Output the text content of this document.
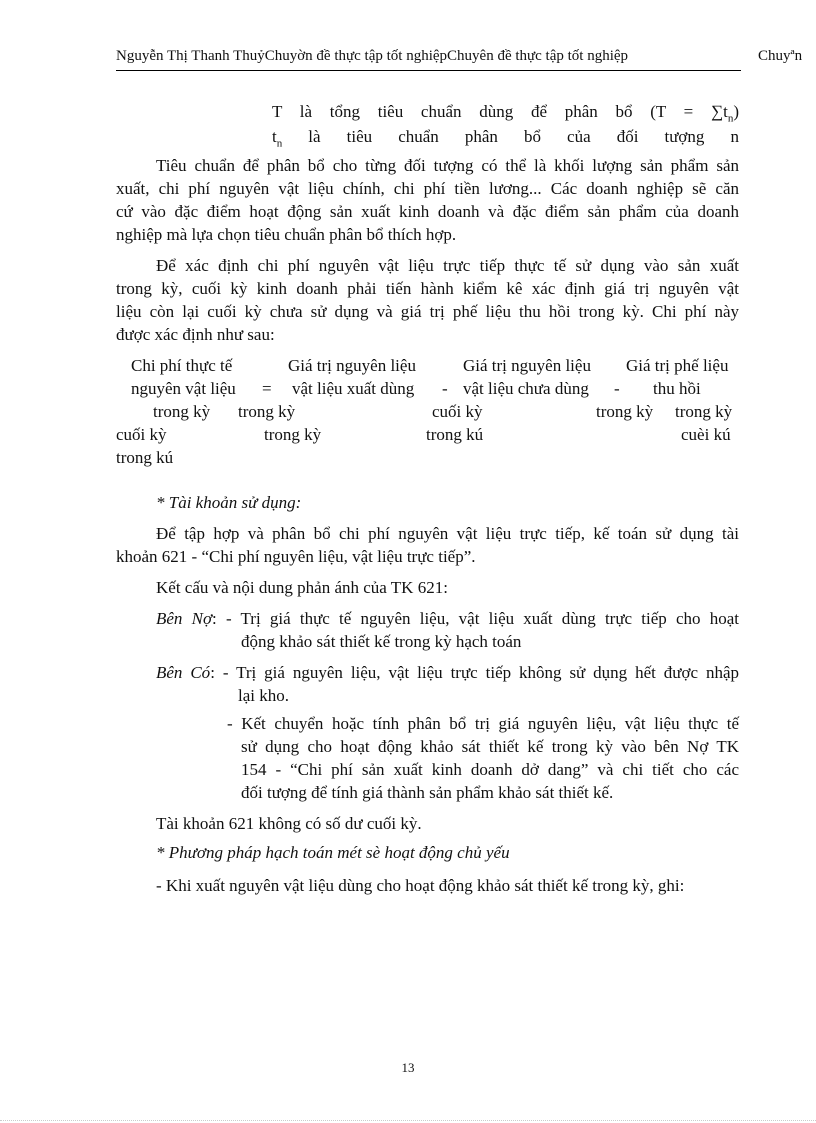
Nguyễn Thị Thanh ThuỷChuyờn đề thực tập tốt nghiệpChuyên đề thực tập tốt nghiệp	Chuyªn
T là tổng tiêu chuẩn dùng để phân bổ $(T = \sum t_n)$
$t_n$ là tiêu chuẩn phân bổ của đối tượng n
Tiêu chuẩn để phân bổ cho từng đối tượng có thể là khối lượng sản phẩm sản
xuất, chi phí nguyên vật liệu chính, chi phí tiền lương... Các doanh nghiệp sẽ căn
cứ vào đặc điểm hoạt động sản xuất kinh doanh và đặc điểm sản phẩm của doanh
nghiệp mà lựa chọn tiêu chuẩn phân bổ thích hợp.
Để xác định chi phí nguyên vật liệu trực tiếp thực tế sử dụng vào sản xuất
trong kỳ, cuối kỳ kinh doanh phải tiến hành kiểm kê xác định giá trị nguyên vật
liệu còn lại cuối kỳ chưa sử dụng và giá trị phế liệu thu hồi trong kỳ. Chi phí này
được xác định như sau:
Chi phí thực tế	Giá trị nguyên liệu	Giá trị nguyên liệu Giá trị phế liệu
nguyên vật liệu = vật liệu xuất dùng - vật liệu chưa dùng - thu hồi
trong kỳ trong kỳ	cuối kỳ	trong kỳ trong kỳ
cuối kỳ	trong kỳ	trong kú	cuèi kú
trong kú
* Tài khoản sử dụng:
Để tập hợp và phân bổ chi phí nguyên vật liệu trực tiếp, kế toán sử dụng tài
khoản 621 - “Chi phí nguyên liệu, vật liệu trực tiếp”.
Kết cấu và nội dung phản ánh của TK 621:
Bên Nợ: - Trị giá thực tế nguyên liệu, vật liệu xuất dùng trực tiếp cho hoạt
động khảo sát thiết kế trong kỳ hạch toán
Bên Có: - Trị giá nguyên liệu, vật liệu trực tiếp không sử dụng hết được nhập
lại kho.
- Kết chuyển hoặc tính phân bổ trị giá nguyên liệu, vật liệu thực tế
sử dụng cho hoạt động khảo sát thiết kế trong kỳ vào bên Nợ TK
154 - “Chi phí sản xuất kinh doanh dở dang” và chi tiết cho các
đối tượng để tính giá thành sản phẩm khảo sát thiết kế.
Tài khoản 621 không có số dư cuối kỳ.
* Phương pháp hạch toán mét sè hoạt động chủ yếu
- Khi xuất nguyên vật liệu dùng cho hoạt động khảo sát thiết kế trong kỳ, ghi:
13
